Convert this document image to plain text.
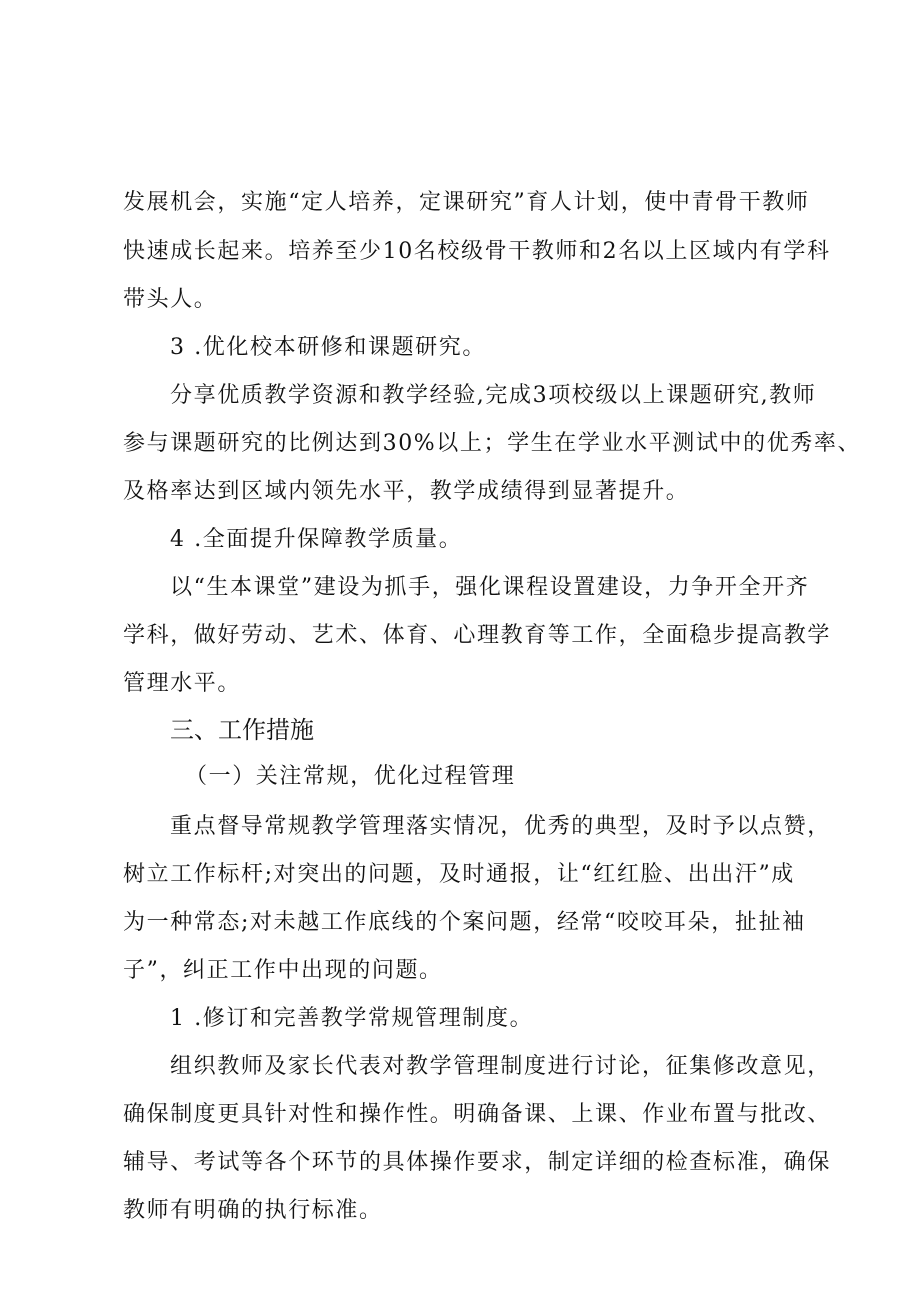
发展机会，实施“定人培养，定课研究”育人计划，使中青骨干教师
快速成长起来。培养至少10名校级骨干教师和2名以上区域内有学科
带头人。
3 .优化校本研修和课题研究。
分享优质教学资源和教学经验,完成3项校级以上课题研究,教师
参与课题研究的比例达到30%以上；学生在学业水平测试中的优秀率、
及格率达到区域内领先水平，教学成绩得到显著提升。
4 .全面提升保障教学质量。
以“生本课堂”建设为抓手，强化课程设置建设，力争开全开齐
学科，做好劳动、艺术、体育、心理教育等工作，全面稳步提高教学
管理水平。
三、工作措施
（一）关注常规，优化过程管理
重点督导常规教学管理落实情况，优秀的典型，及时予以点赞，
树立工作标杆;对突出的问题，及时通报，让“红红脸、出出汗”成
为一种常态;对未越工作底线的个案问题，经常“咬咬耳朵，扯扯袖
子”，纠正工作中出现的问题。
1 .修订和完善教学常规管理制度。
组织教师及家长代表对教学管理制度进行讨论，征集修改意见，
确保制度更具针对性和操作性。明确备课、上课、作业布置与批改、
辅导、考试等各个环节的具体操作要求，制定详细的检查标准，确保
教师有明确的执行标准。
